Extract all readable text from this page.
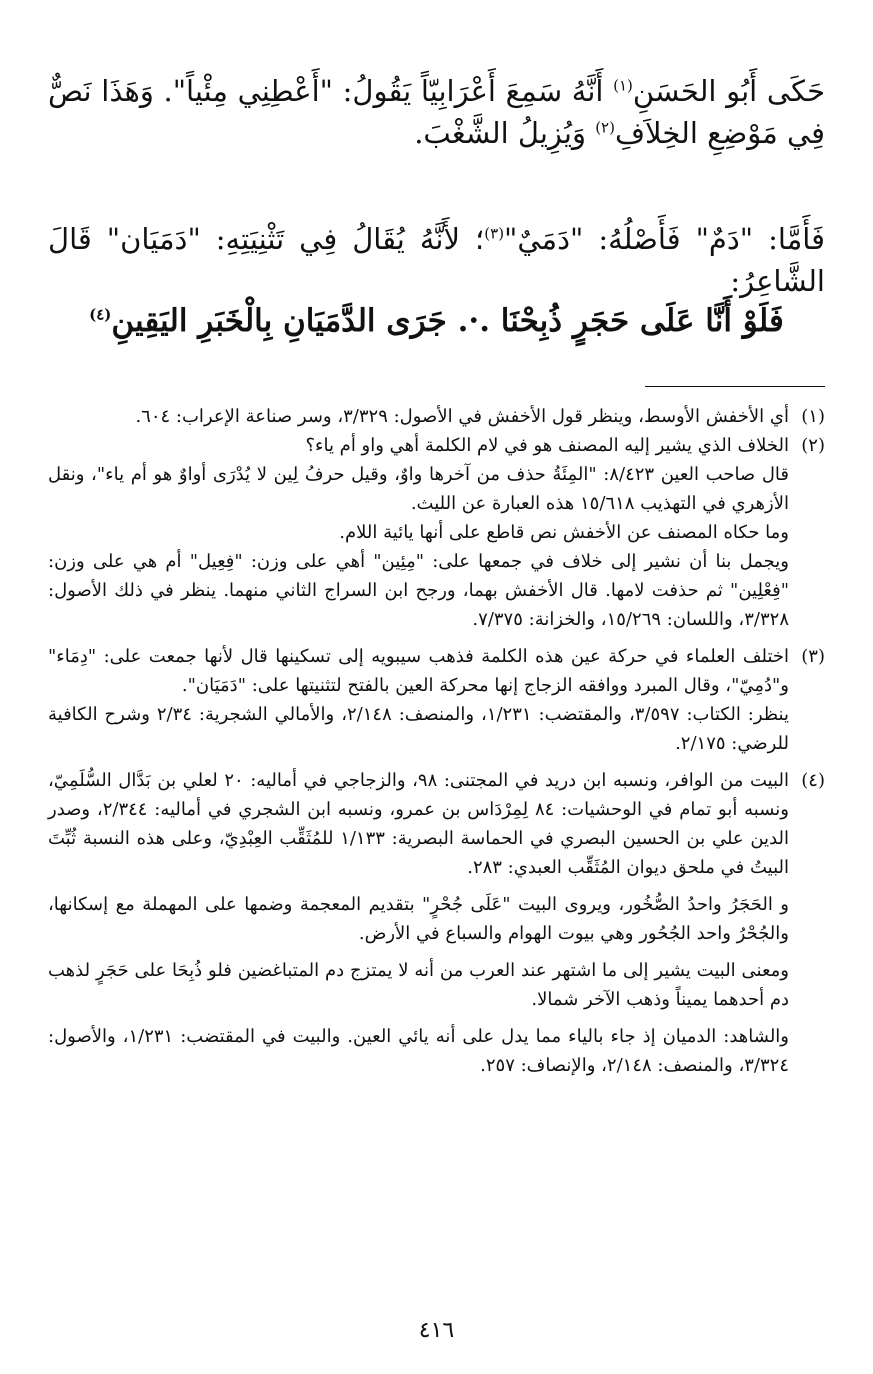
حَكَى أَبُو الحَسَنِ$^{(١)}$ أَنَّهُ سَمِعَ أَعْرَابِيّاً يَقُولُ: "أَعْطِنِي مِئْياً". وَهَذَا نَصٌّ فِي مَوْضِعِ الخِلاَفِ$^{(٢)}$ وَيُزِيلُ الشَّغْبَ.

فَأَمَّا: "دَمٌ" فَأَصْلُهُ: "دَمَيٌ"$^{(٣)}$؛ لأَنَّهُ يُقَالُ فِي تَثْنِيَتِهِ: "دَمَيَان" قَالَ الشَّاعِرُ:

فَلَوْ أَنَّا عَلَى حَجَرٍ ذُبِحْنَا .·. جَرَى الدَّمَيَانِ بِالْخَبَرِ اليَقِينِ$^{(٤)}$
(١)
أي الأخفش الأوسط، وينظر قول الأخفش في الأصول: ٣/٣٢٩، وسر صناعة الإعراب: ٦٠٤.
(٢)
الخلاف الذي يشير إليه المصنف هو في لام الكلمة أهي واو أم ياء؟

قال صاحب العين ٨/٤٢٣: "المِئَةُ حذف من آخرها واوٌ، وقيل حرفُ لِين لا يُدْرَى أواوٌ هو أم ياء"، ونقل الأزهري في التهذيب ١٥/٦١٨ هذه العبارة عن الليث.

وما حكاه المصنف عن الأخفش نص قاطع على أنها يائية اللام.

ويجمل بنا أن نشير إلى خلاف في جمعها على: "مِئِين" أهي على وزن: "فِعِيل" أم هي على وزن: "فِعْلِين" ثم حذفت لامها. قال الأخفش بهما، ورجح ابن السراج الثاني منهما. ينظر في ذلك الأصول: ٣/٣٢٨، واللسان: ١٥/٢٦٩، والخزانة: ٧/٣٧٥.

(٣)
اختلف العلماء في حركة عين هذه الكلمة فذهب سيبويه إلى تسكينها قال لأنها جمعت على: "دِمَاء" و"دُمِيّ"، وقال المبرد ووافقه الزجاج إنها محركة العين بالفتح لتثنيتها على: "دَمَيَان".

ينظر: الكتاب: ٣/٥٩٧، والمقتضب: ١/٢٣١، والمنصف: ٢/١٤٨، والأمالي الشجرية: ٢/٣٤ وشرح الكافية للرضي: ٢/١٧٥.

(٤)
البيت من الوافر، ونسبه ابن دريد في المجتنى: ٩٨، والزجاجي في أماليه: ٢٠ لعلي بن بَدَّال السُّلَمِيّ، ونسبه أبو تمام في الوحشيات: ٨٤ لِمِرْدَاس بن عمرو، ونسبه ابن الشجري في أماليه: ٢/٣٤٤، وصدر الدين علي بن الحسين البصري في الحماسة البصرية: ١/١٣٣ للمُثَقِّب العِبْدِيّ، وعلى هذه النسبة ثُبِّتَ البيتُ في ملحق ديوان المُثَقِّب العبدي: ٢٨٣.

و الحَجَرُ واحدُ الصُّخُور، ويروى البيت "عَلَى جُحْرٍ" بتقديم المعجمة وضمها على المهملة مع إسكانها، والجُحْرُ واحد الجُحُور وهي بيوت الهوام والسباع في الأرض.

ومعنى البيت يشير إلى ما اشتهر عند العرب من أنه لا يمتزج دم المتباغضين فلو ذُبِحَا على حَجَرٍ لذهب دم أحدهما يميناً وذهب الآخر شمالا.

والشاهد: الدميان إذ جاء بالياء مما يدل على أنه يائي العين. والبيت في المقتضب: ١/٢٣١، والأصول: ٣/٣٢٤، والمنصف: ٢/١٤٨، والإنصاف: ٢٥٧.

٤١٦
